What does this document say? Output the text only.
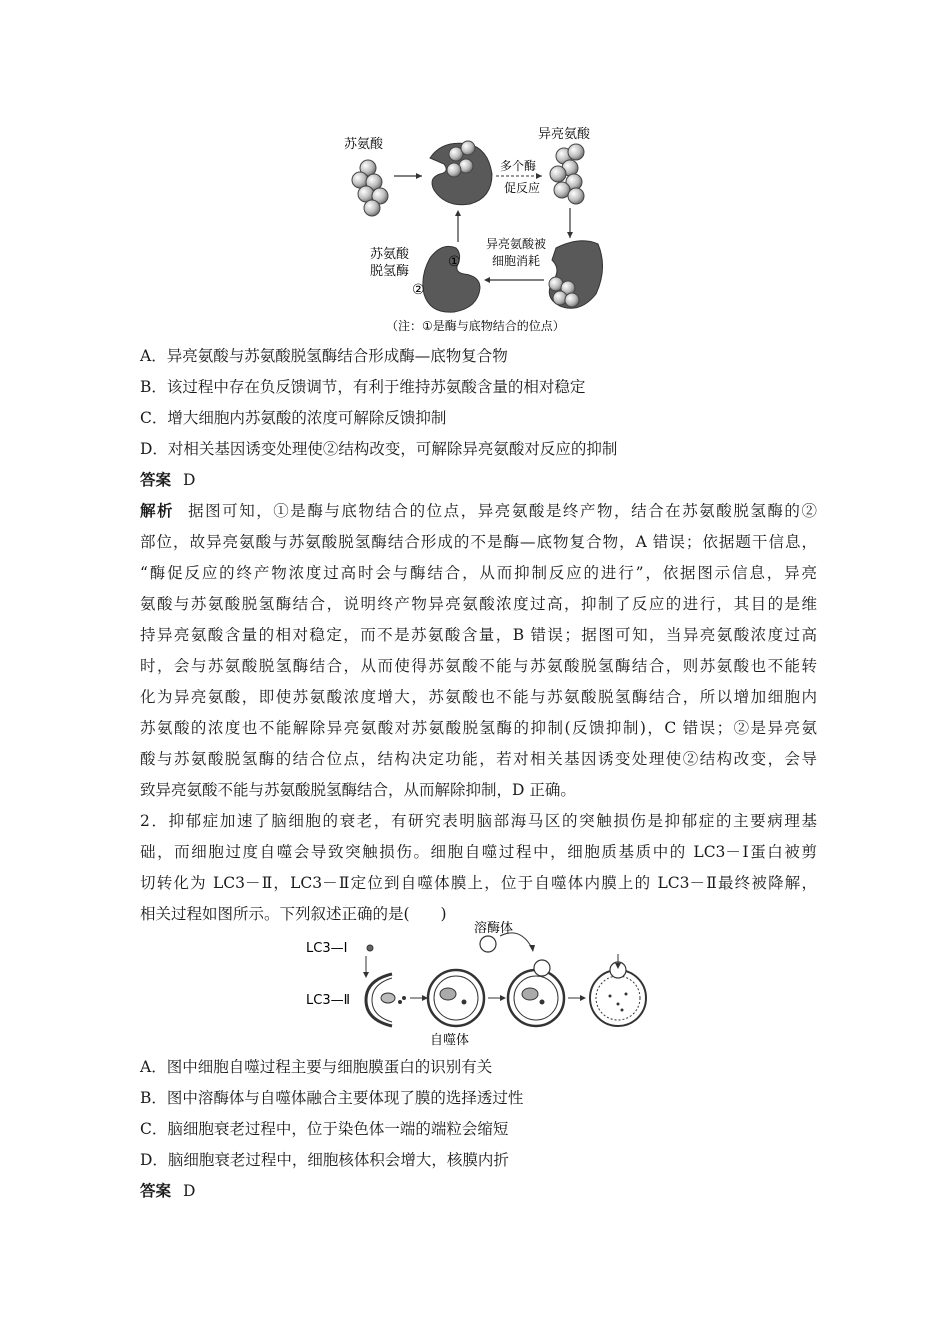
苏氨酸
异亮氨酸
多个酶
促反应
异亮氨酸被
细胞消耗
①
②
苏氨酸
脱氢酶
（注：①是酶与底物结合的位点）
A．异亮氨酸与苏氨酸脱氢酶结合形成酶—底物复合物
B．该过程中存在负反馈调节，有利于维持苏氨酸含量的相对稳定
C．增大细胞内苏氨酸的浓度可解除反馈抑制
D．对相关基因诱变处理使②结构改变，可解除异亮氨酸对反应的抑制
答案 D
解析 据图可知，①是酶与底物结合的位点，异亮氨酸是终产物，结合在苏氨酸脱氢酶的②
部位，故异亮氨酸与苏氨酸脱氢酶结合形成的不是酶—底物复合物，A 错误；依据题干信息，
“酶促反应的终产物浓度过高时会与酶结合，从而抑制反应的进行”，依据图示信息，异亮
氨酸与苏氨酸脱氢酶结合，说明终产物异亮氨酸浓度过高，抑制了反应的进行，其目的是维
持异亮氨酸含量的相对稳定，而不是苏氨酸含量，B 错误；据图可知，当异亮氨酸浓度过高
时，会与苏氨酸脱氢酶结合，从而使得苏氨酸不能与苏氨酸脱氢酶结合，则苏氨酸也不能转
化为异亮氨酸，即使苏氨酸浓度增大，苏氨酸也不能与苏氨酸脱氢酶结合，所以增加细胞内
苏氨酸的浓度也不能解除异亮氨酸对苏氨酸脱氢酶的抑制(反馈抑制)，C 错误；②是异亮氨
酸与苏氨酸脱氢酶的结合位点，结构决定功能，若对相关基因诱变处理使②结构改变，会导
致异亮氨酸不能与苏氨酸脱氢酶结合，从而解除抑制，D 正确。
2．抑郁症加速了脑细胞的衰老，有研究表明脑部海马区的突触损伤是抑郁症的主要病理基
础，而细胞过度自噬会导致突触损伤。细胞自噬过程中，细胞质基质中的 LC3－Ⅰ蛋白被剪
切转化为 LC3－Ⅱ，LC3－Ⅱ定位到自噬体膜上，位于自噬体内膜上的 LC3－Ⅱ最终被降解，
相关过程如图所示。下列叙述正确的是(　　)
溶酶体
LC3—Ⅰ
LC3—Ⅱ
自噬体
A．图中细胞自噬过程主要与细胞膜蛋白的识别有关
B．图中溶酶体与自噬体融合主要体现了膜的选择透过性
C．脑细胞衰老过程中，位于染色体一端的端粒会缩短
D．脑细胞衰老过程中，细胞核体积会增大，核膜内折
答案 D
